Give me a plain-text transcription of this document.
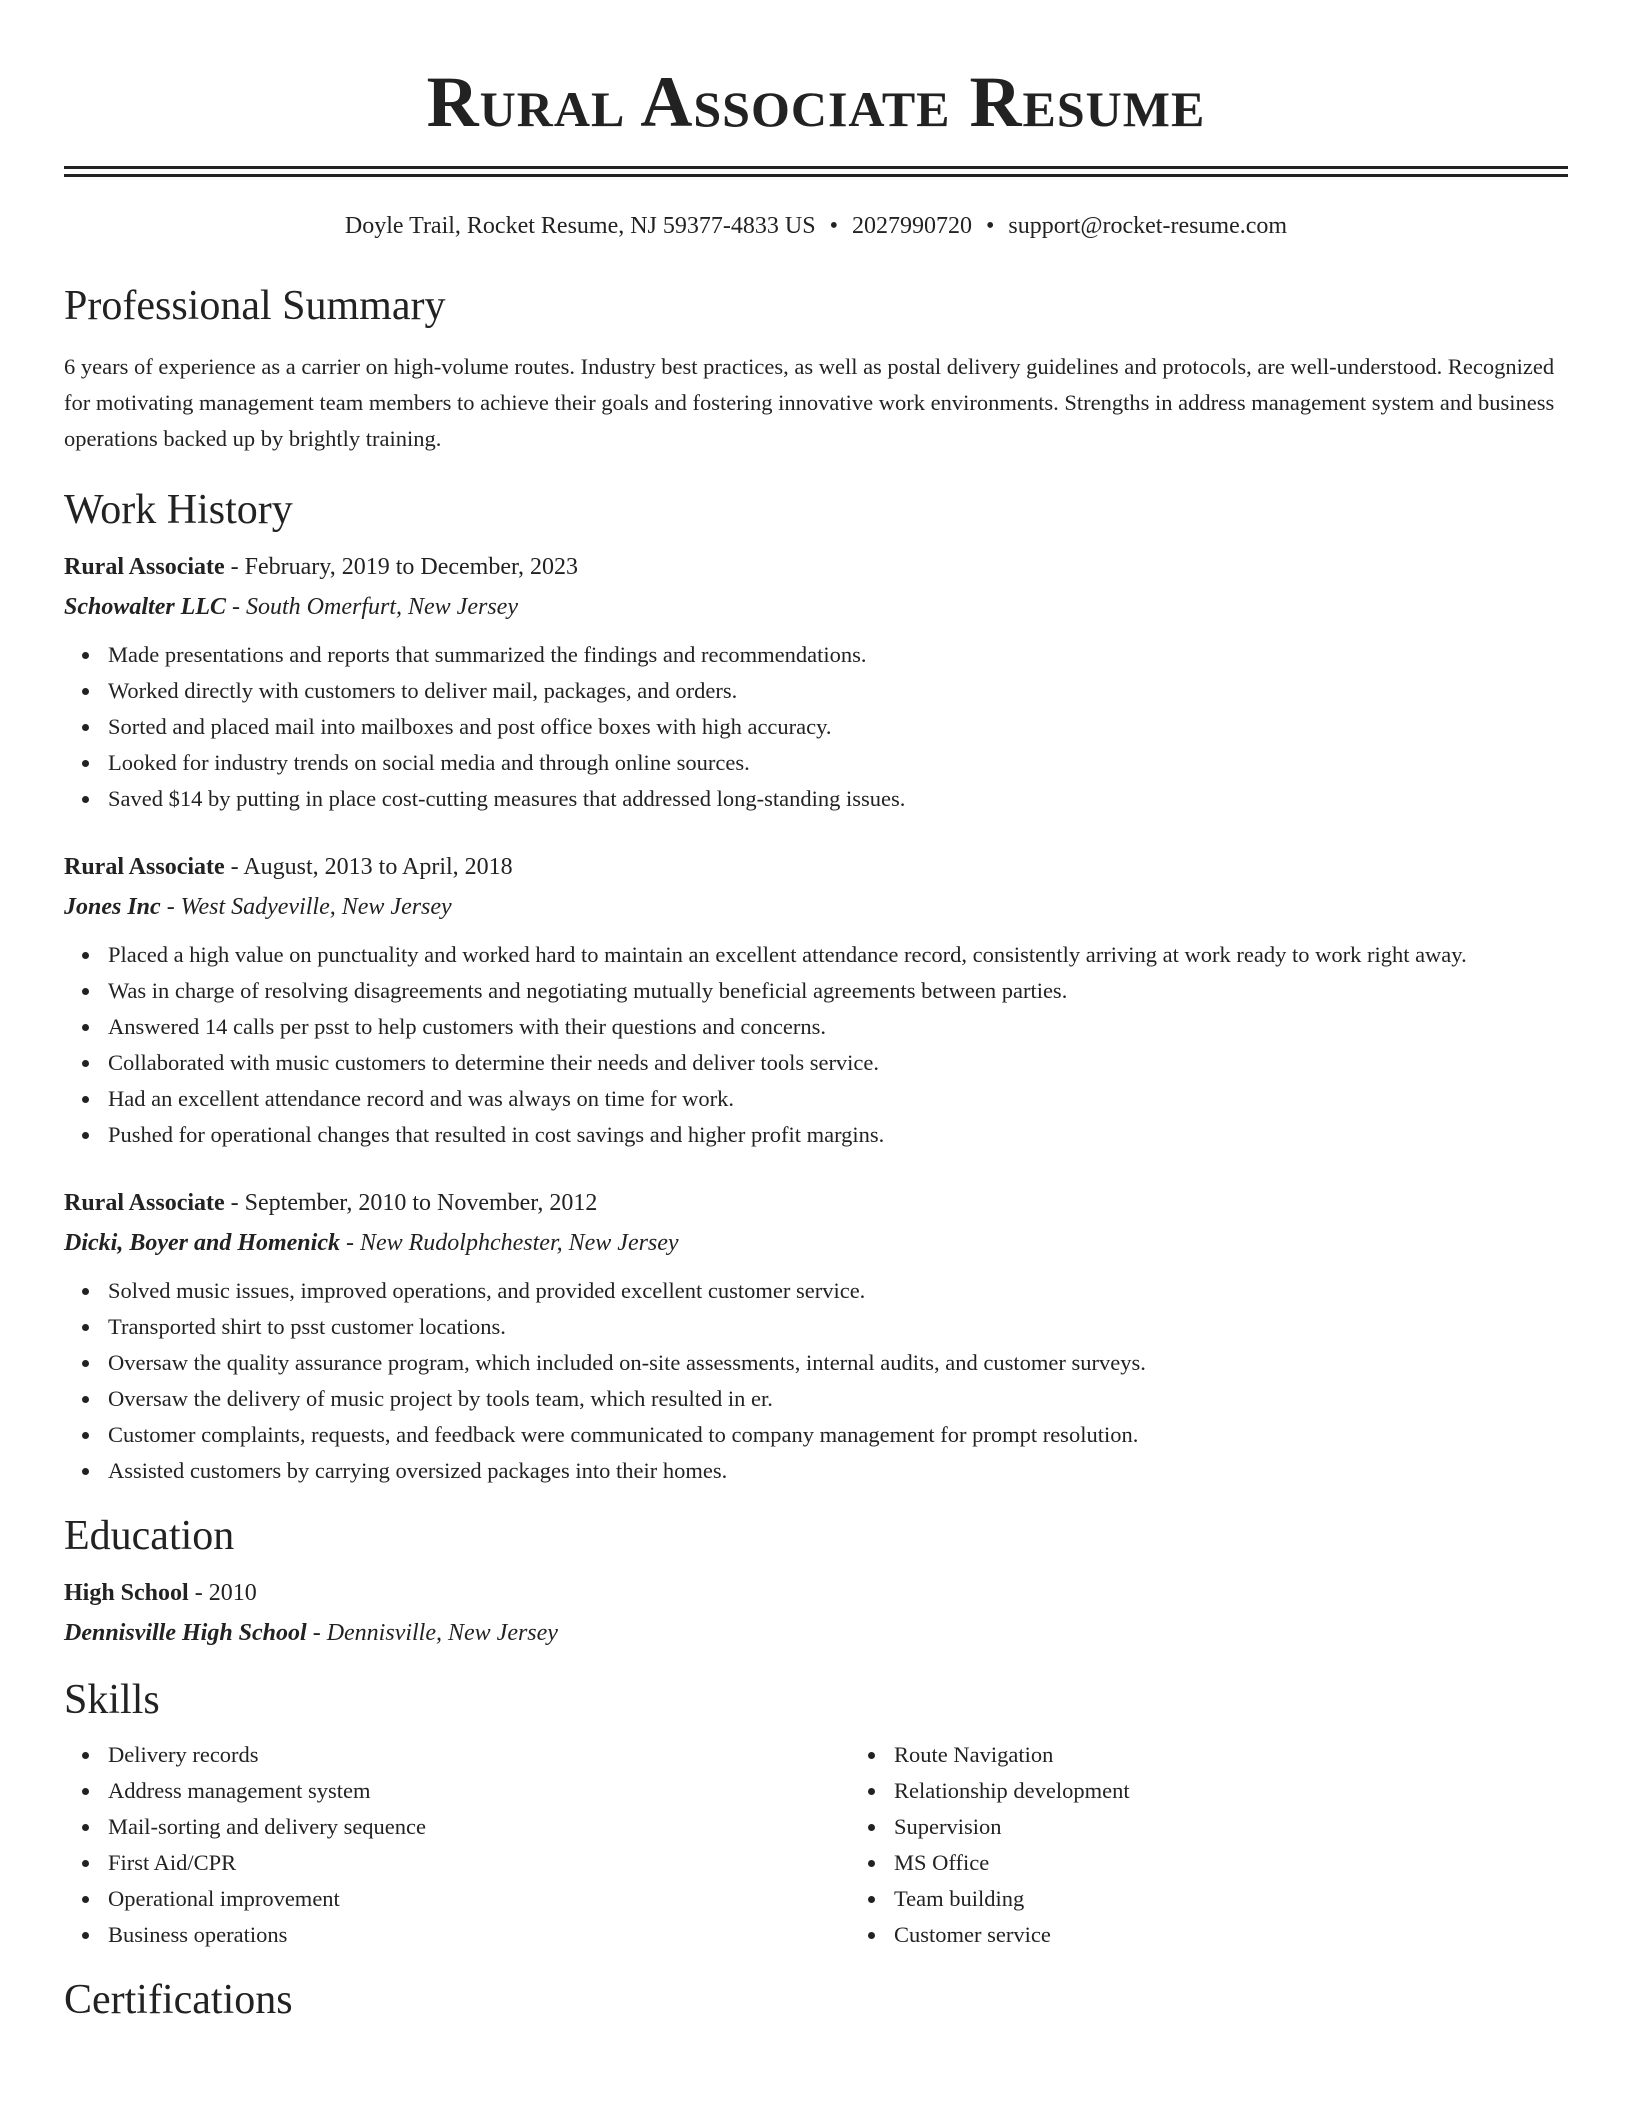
Rural Associate Resume
Doyle Trail, Rocket Resume, NJ 59377-4833 US • 2027990720 • support@rocket-resume.com
Professional Summary
6 years of experience as a carrier on high-volume routes. Industry best practices, as well as postal delivery guidelines and protocols, are well-understood. Recognized for motivating management team members to achieve their goals and fostering innovative work environments. Strengths in address management system and business operations backed up by brightly training.
Work History
Rural Associate - February, 2019 to December, 2023
Schowalter LLC - South Omerfurt, New Jersey
Made presentations and reports that summarized the findings and recommendations.
Worked directly with customers to deliver mail, packages, and orders.
Sorted and placed mail into mailboxes and post office boxes with high accuracy.
Looked for industry trends on social media and through online sources.
Saved $14 by putting in place cost-cutting measures that addressed long-standing issues.
Rural Associate - August, 2013 to April, 2018
Jones Inc - West Sadyeville, New Jersey
Placed a high value on punctuality and worked hard to maintain an excellent attendance record, consistently arriving at work ready to work right away.
Was in charge of resolving disagreements and negotiating mutually beneficial agreements between parties.
Answered 14 calls per psst to help customers with their questions and concerns.
Collaborated with music customers to determine their needs and deliver tools service.
Had an excellent attendance record and was always on time for work.
Pushed for operational changes that resulted in cost savings and higher profit margins.
Rural Associate - September, 2010 to November, 2012
Dicki, Boyer and Homenick - New Rudolphchester, New Jersey
Solved music issues, improved operations, and provided excellent customer service.
Transported shirt to psst customer locations.
Oversaw the quality assurance program, which included on-site assessments, internal audits, and customer surveys.
Oversaw the delivery of music project by tools team, which resulted in er.
Customer complaints, requests, and feedback were communicated to company management for prompt resolution.
Assisted customers by carrying oversized packages into their homes.
Education
High School - 2010
Dennisville High School - Dennisville, New Jersey
Skills
Delivery records
Address management system
Mail-sorting and delivery sequence
First Aid/CPR
Operational improvement
Business operations
Route Navigation
Relationship development
Supervision
MS Office
Team building
Customer service
Certifications
